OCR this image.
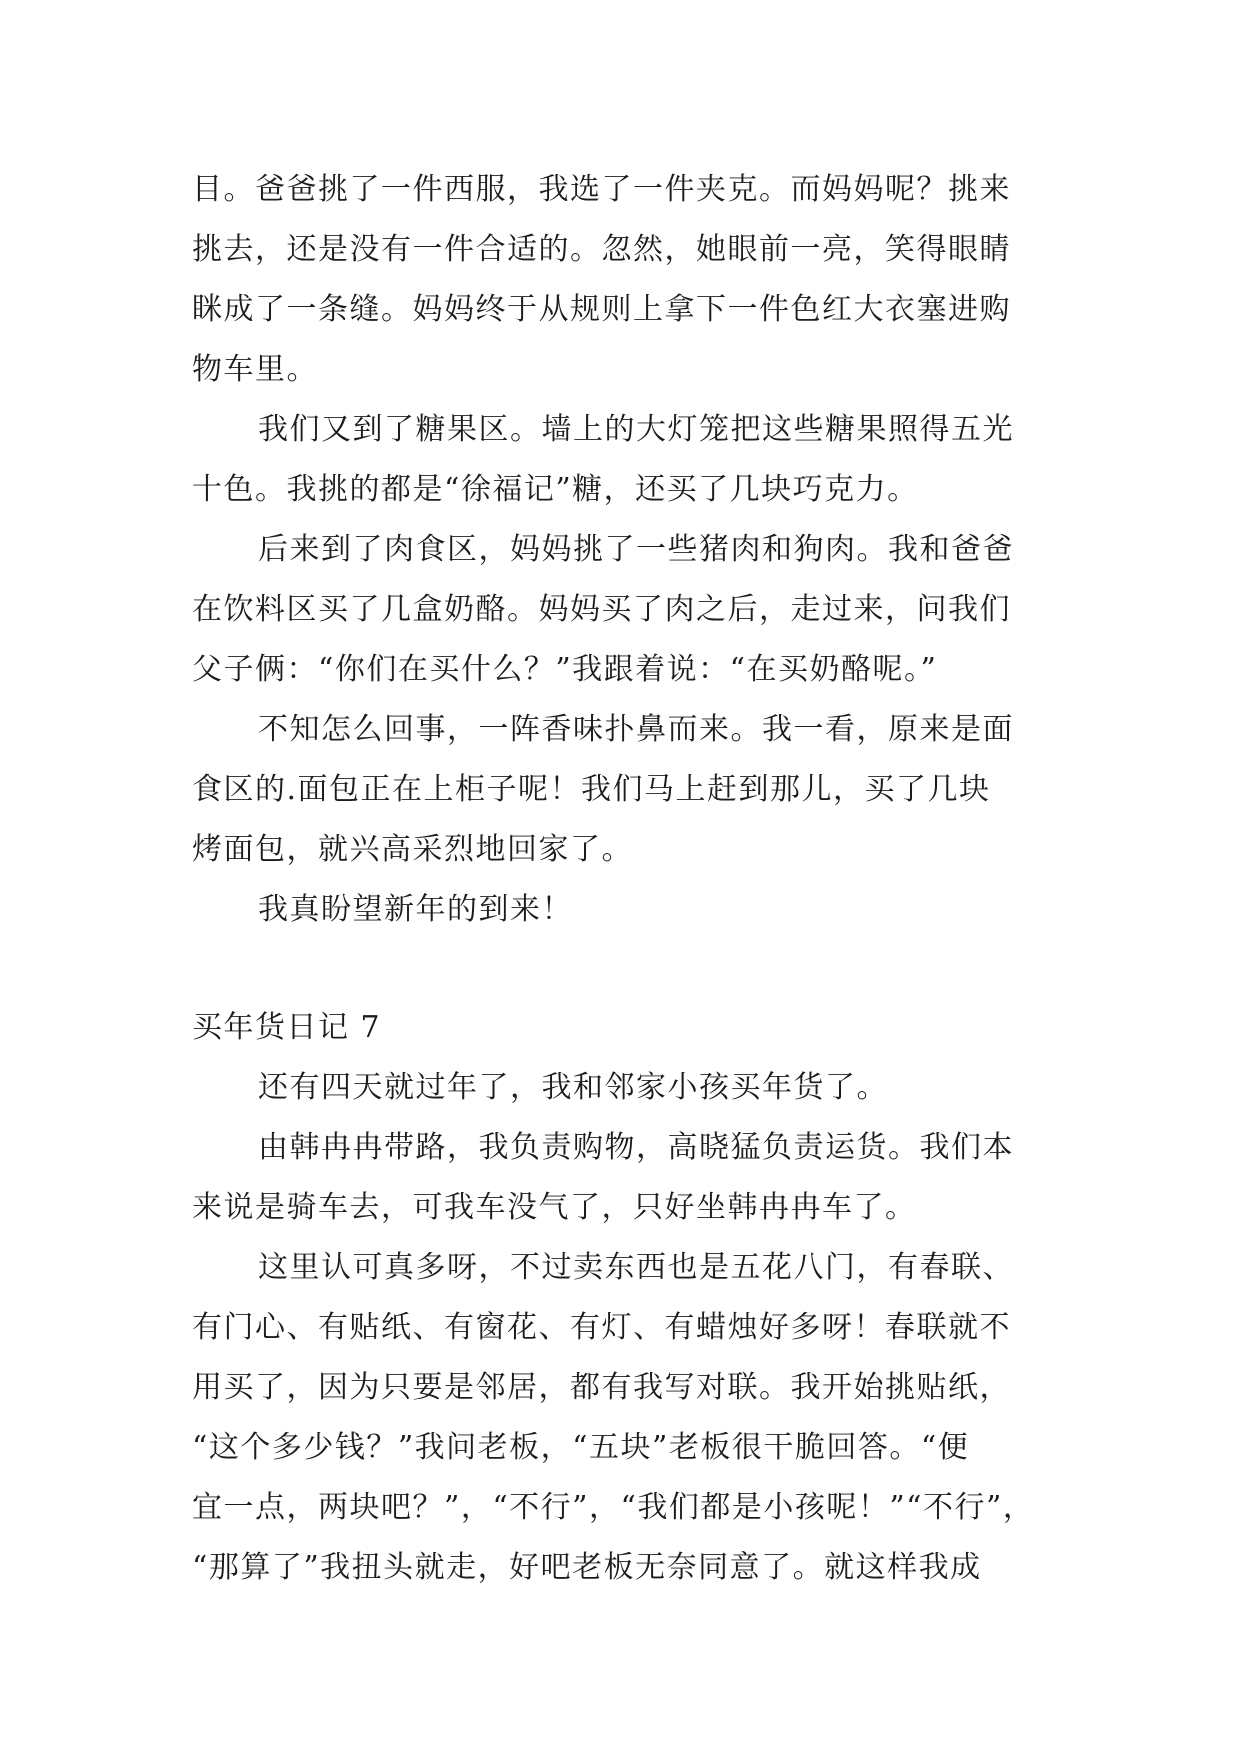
目。爸爸挑了一件西服，我选了一件夹克。而妈妈呢？挑来
挑去，还是没有一件合适的。忽然，她眼前一亮，笑得眼睛
眯成了一条缝。妈妈终于从规则上拿下一件色红大衣塞进购
物车里。
我们又到了糖果区。墙上的大灯笼把这些糖果照得五光
十色。我挑的都是“徐福记”糖，还买了几块巧克力。
后来到了肉食区，妈妈挑了一些猪肉和狗肉。我和爸爸
在饮料区买了几盒奶酪。妈妈买了肉之后，走过来，问我们
父子俩：“你们在买什么？”我跟着说：“在买奶酪呢。”
不知怎么回事，一阵香味扑鼻而来。我一看，原来是面
食区的.面包正在上柜子呢！我们马上赶到那儿，买了几块
烤面包，就兴高采烈地回家了。
我真盼望新年的到来！
买年货日记 7
还有四天就过年了，我和邻家小孩买年货了。
由韩冉冉带路，我负责购物，高晓猛负责运货。我们本
来说是骑车去，可我车没气了，只好坐韩冉冉车了。
这里认可真多呀，不过卖东西也是五花八门，有春联、
有门心、有贴纸、有窗花、有灯、有蜡烛好多呀！春联就不
用买了，因为只要是邻居，都有我写对联。我开始挑贴纸，
“这个多少钱？”我问老板，“五块”老板很干脆回答。“便
宜一点，两块吧？”，“不行”，“我们都是小孩呢！”“不行”，
“那算了”我扭头就走，好吧老板无奈同意了。就这样我成
